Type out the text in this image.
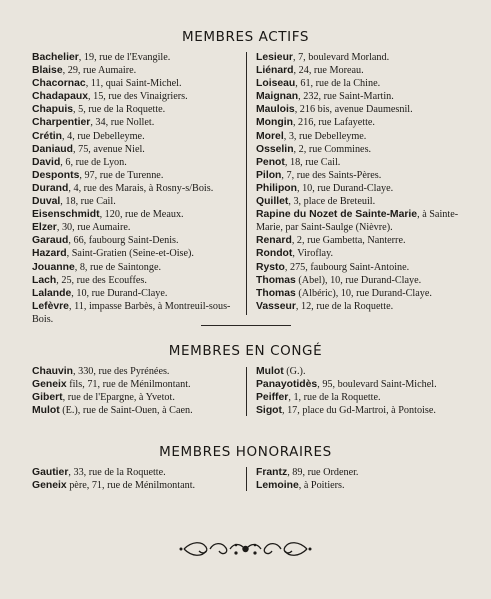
MEMBRES ACTIFS
Bachelier, 19, rue de l'Evangile.
Blaise, 29, rue Aumaire.
Chacornac, 11, quai Saint-Michel.
Chadapaux, 15, rue des Vinaigriers.
Chapuis, 5, rue de la Roquette.
Charpentier, 34, rue Nollet.
Crétin, 4, rue Debelleyme.
Daniaud, 75, avenue Niel.
David, 6, rue de Lyon.
Desponts, 97, rue de Turenne.
Durand, 4, rue des Marais, à Rosny-s/Bois.
Duval, 18, rue Cail.
Eisenschmidt, 120, rue de Meaux.
Elzer, 30, rue Aumaire.
Garaud, 66, faubourg Saint-Denis.
Hazard, Saint-Gratien (Seine-et-Oise).
Jouanne, 8, rue de Saintonge.
Lach, 25, rue des Ecouffes.
Lalande, 10, rue Durand-Claye.
Lefèvre, 11, impasse Barbès, à Montreuil-sous-Bois.
Lesieur, 7, boulevard Morland.
Liénard, 24, rue Moreau.
Loiseau, 61, rue de la Chine.
Maignan, 232, rue Saint-Martin.
Maulois, 216 bis, avenue Daumesnil.
Mongin, 216, rue Lafayette.
Morel, 3, rue Debelleyme.
Osselin, 2, rue Commines.
Penot, 18, rue Cail.
Pilon, 7, rue des Saints-Pères.
Philipon, 10, rue Durand-Claye.
Quillet, 3, place de Breteuil.
Rapine du Nozet de Sainte-Marie, à Sainte-Marie, par Saint-Saulge (Nièvre).
Renard, 2, rue Gambetta, Nanterre.
Rondot, Viroflay.
Rysto, 275, faubourg Saint-Antoine.
Thomas (Abel), 10, rue Durand-Claye.
Thomas (Albéric), 10, rue Durand-Claye.
Vasseur, 12, rue de la Roquette.
MEMBRES EN CONGÉ
Chauvin, 330, rue des Pyrénées.
Geneix fils, 71, rue de Ménilmontant.
Gibert, rue de l'Epargne, à Yvetot.
Mulot (E.), rue de Saint-Ouen, à Caen.
Mulot (G.).
Panayotidès, 95, boulevard Saint-Michel.
Peiffer, 1, rue de la Roquette.
Sigot, 17, place du Gd-Martroi, à Pontoise.
MEMBRES HONORAIRES
Gautier, 33, rue de la Roquette.
Geneix père, 71, rue de Ménilmontant.
Frantz, 89, rue Ordener.
Lemoine, à Poitiers.
